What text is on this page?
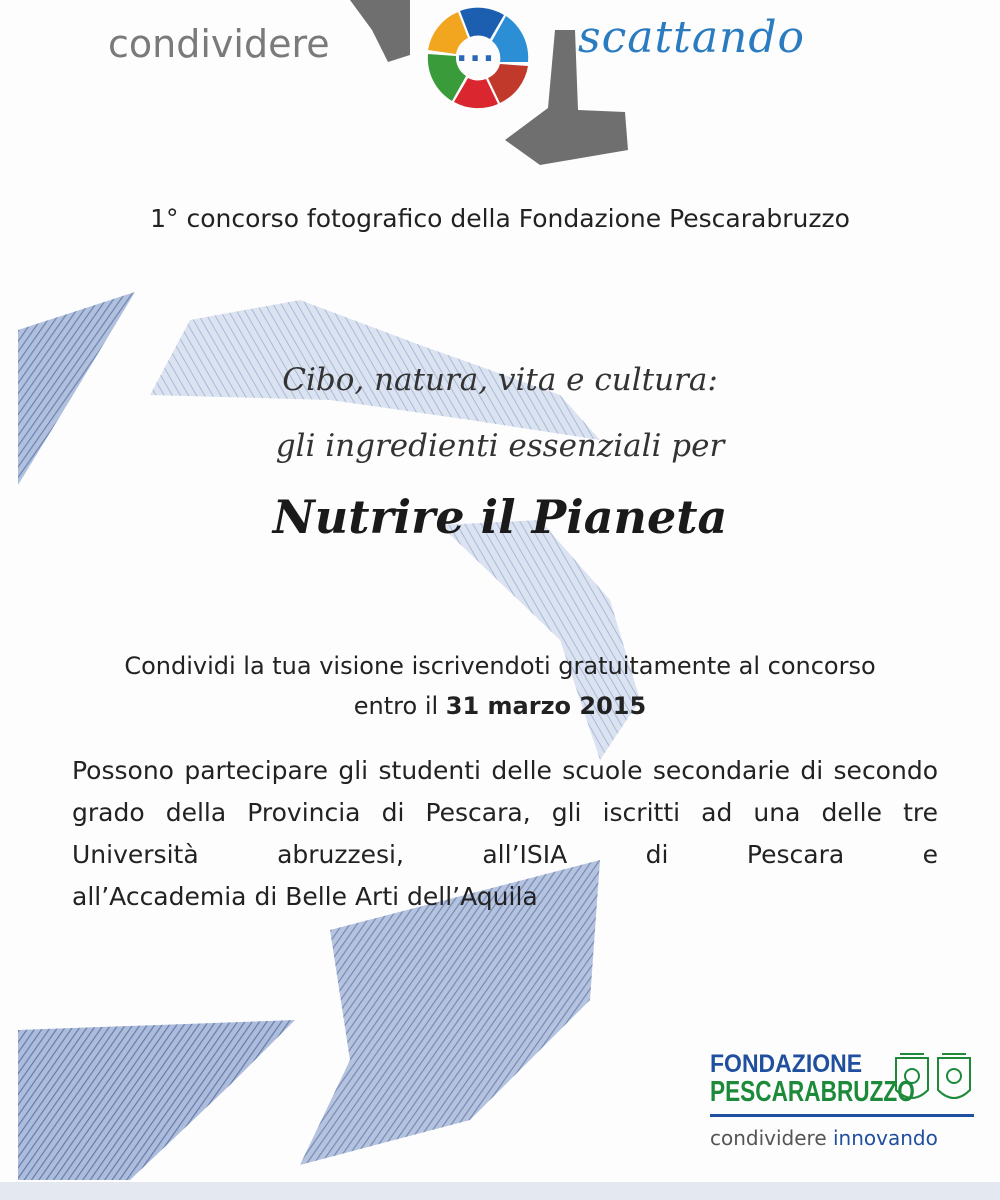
condividere	... scattando
1° concorso fotografico della Fondazione Pescarabruzzo
Cibo, natura, vita e cultura:
gli ingredienti essenziali per
Nutrire il Pianeta
Condividi la tua visione iscrivendoti gratuitamente al concorso
entro il 31 marzo 2015
Possono partecipare gli studenti delle scuole secondarie di secondo grado della Provincia di Pescara, gli iscritti ad una delle tre Università abruzzesi, all’ISIA di Pescara e
all’Accademia di Belle Arti dell’Aquila
FONDAZIONE
PESCARABRUZZO
condividere innovando
